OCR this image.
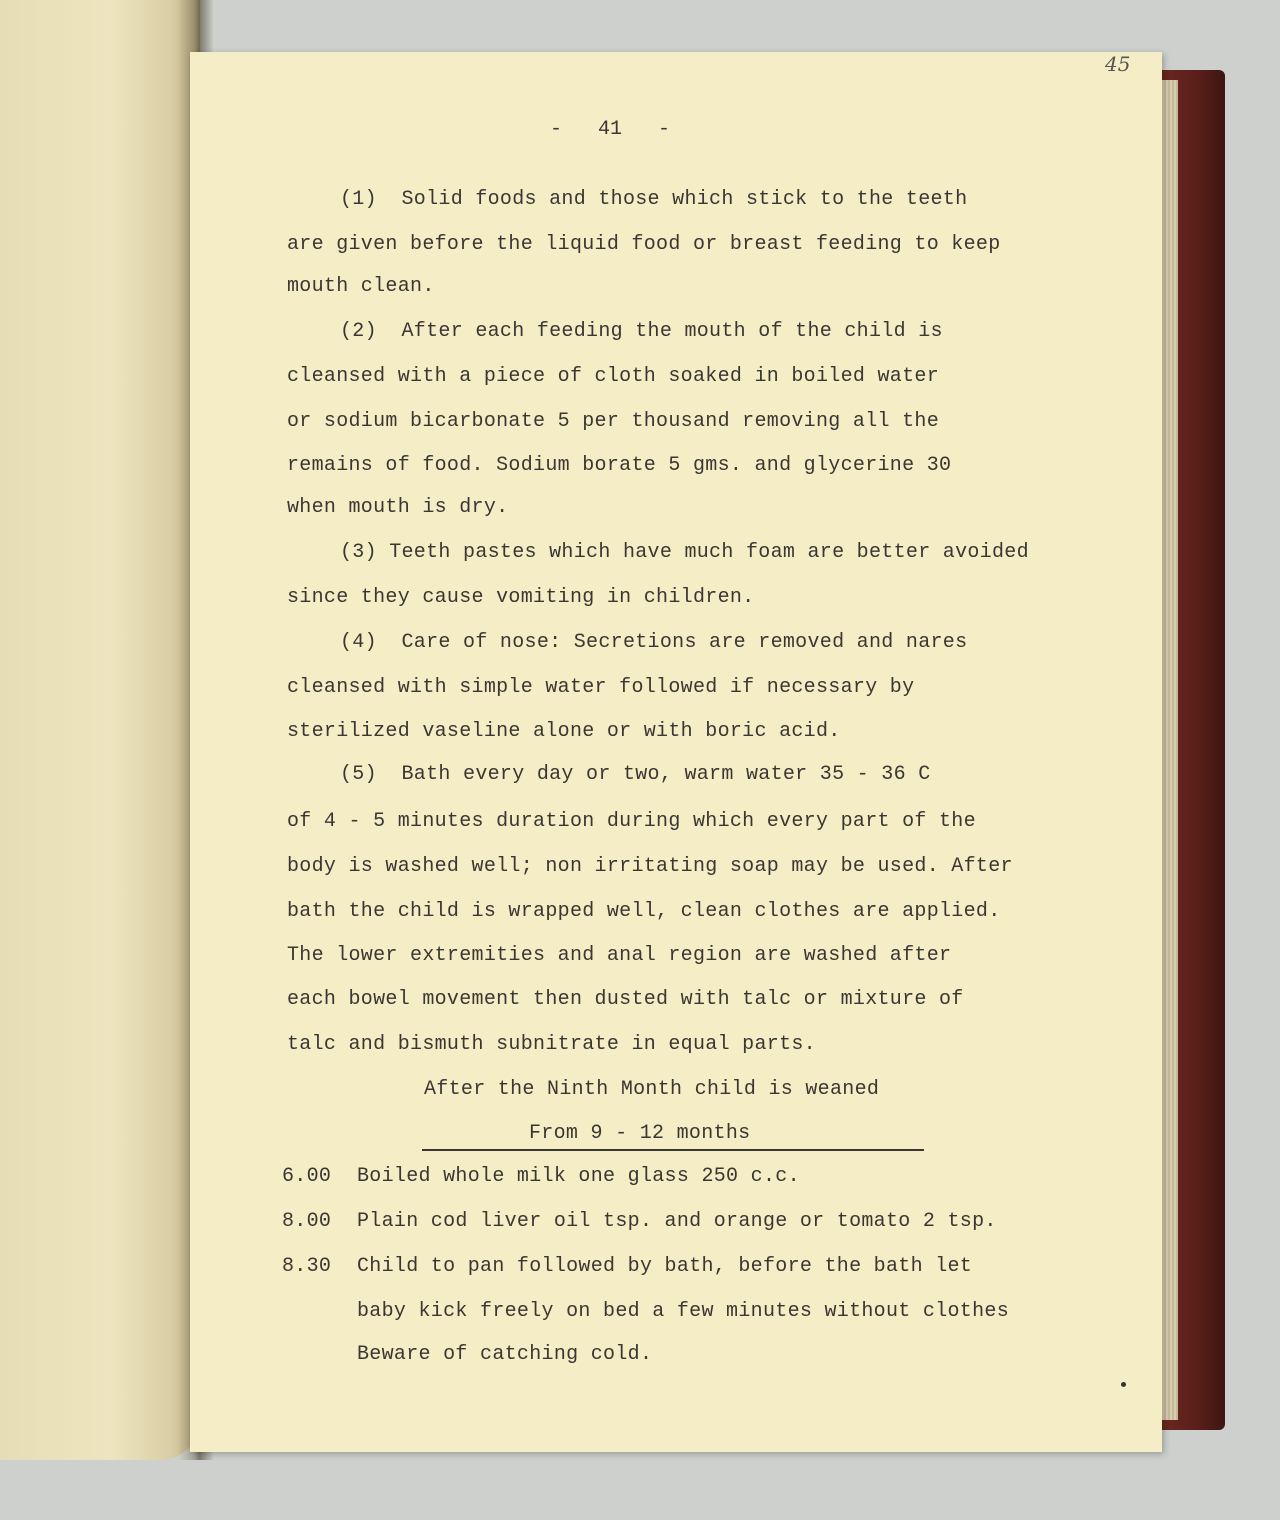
45
-   41   -
(1)  Solid foods and those which stick to the teeth
are given before the liquid food or breast feeding to keep
mouth clean.
(2)  After each feeding the mouth of the child is
cleansed with a piece of cloth soaked in boiled water
or sodium bicarbonate 5 per thousand removing all the
remains of food. Sodium borate 5 gms. and glycerine 30
when mouth is dry.
(3) Teeth pastes which have much foam are better avoided
since they cause vomiting in children.
(4)  Care of nose: Secretions are removed and nares
cleansed with simple water followed if necessary by
sterilized vaseline alone or with boric acid.
(5)  Bath every day or two, warm water 35 - 36 C
of 4 - 5 minutes duration during which every part of the
body is washed well; non irritating soap may be used. After
bath the child is wrapped well, clean clothes are applied.
The lower extremities and anal region are washed after
each bowel movement then dusted with talc or mixture of
talc and bismuth subnitrate in equal parts.
After the Ninth Month child is weaned
From 9 - 12 months
6.00 Boiled whole milk one glass 250 c.c.
8.00 Plain cod liver oil tsp. and orange or tomato 2 tsp.
8.30 Child to pan followed by bath, before the bath let
baby kick freely on bed a few minutes without clothes
Beware of catching cold.
